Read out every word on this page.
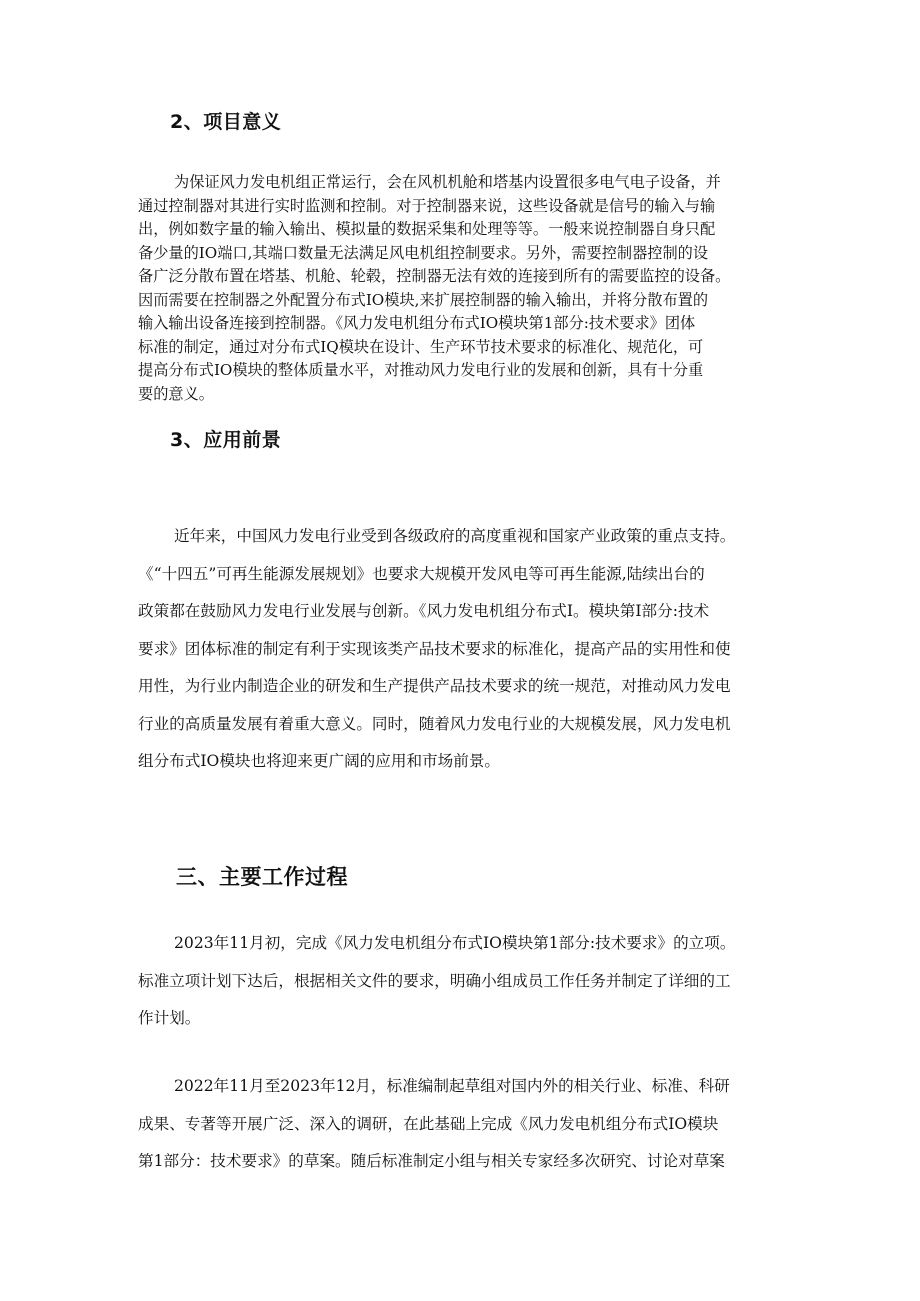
2、项目意义
为保证风力发电机组正常运行，会在风机机舱和塔基内设置很多电气电子设备，并
通过控制器对其进行实时监测和控制。对于控制器来说，这些设备就是信号的输入与输
出，例如数字量的输入输出、模拟量的数据采集和处理等等。一般来说控制器自身只配
备少量的IO端口,其端口数量无法满足风电机组控制要求。另外，需要控制器控制的设
备广泛分散布置在塔基、机舱、轮毂，控制器无法有效的连接到所有的需要监控的设备。
因而需要在控制器之外配置分布式IO模块,来扩展控制器的输入输出，并将分散布置的
输入输出设备连接到控制器。《风力发电机组分布式IO模块第1部分:技术要求》团体
标准的制定，通过对分布式IQ模块在设计、生产环节技术要求的标准化、规范化，可
提高分布式IO模块的整体质量水平，对推动风力发电行业的发展和创新，具有十分重
要的意义。
3、应用前景
近年来，中国风力发电行业受到各级政府的高度重视和国家产业政策的重点支持。
《“十四五”可再生能源发展规划》也要求大规模开发风电等可再生能源,陆续出台的
政策都在鼓励风力发电行业发展与创新。《风力发电机组分布式I。模块第I部分:技术
要求》团体标准的制定有利于实现该类产品技术要求的标准化，提高产品的实用性和使
用性，为行业内制造企业的研发和生产提供产品技术要求的统一规范，对推动风力发电
行业的高质量发展有着重大意义。同时，随着风力发电行业的大规模发展，风力发电机
组分布式IO模块也将迎来更广阔的应用和市场前景。
三、主要工作过程
2023年11月初，完成《风力发电机组分布式IO模块第1部分:技术要求》的立项。
标准立项计划下达后，根据相关文件的要求，明确小组成员工作任务并制定了详细的工
作计划。
2022年11月至2023年12月，标准编制起草组对国内外的相关行业、标准、科研
成果、专著等开展广泛、深入的调研，在此基础上完成《风力发电机组分布式IO模块
第1部分：技术要求》的草案。随后标准制定小组与相关专家经多次研究、讨论对草案
